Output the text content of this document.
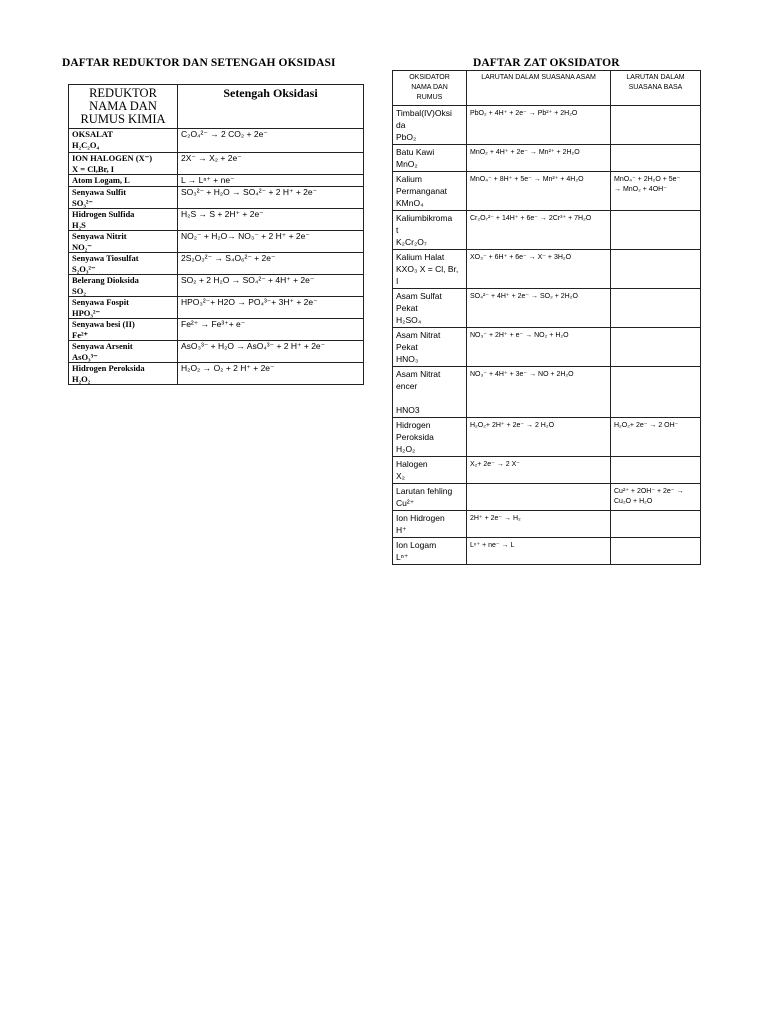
DAFTAR REDUKTOR DAN SETENGAH OKSIDASI	DAFTAR ZAT OKSIDATOR
REDUKTOR
NAMA DAN
RUMUS KIMIA	Setengah Oksidasi
OKSALAT
H₂C₂O₄	C₂O₄²⁻ → 2 CO₂ + 2e⁻
ION HALOGEN (X⁻)
X = Cl,Br, I	2X⁻ → X₂ + 2e⁻
Atom Logam, L	L → Lⁿ⁺ + ne⁻
Senyawa Sulfit
SO₃²⁻	SO₃²⁻ + H₂O → SO₄²⁻ + 2 H⁺ + 2e⁻
Hidrogen Sulfida
H₂S	H₂S → S + 2H⁺ + 2e⁻
Senyawa Nitrit
NO₂⁻	NO₂⁻ + H₂O→ NO₃⁻ + 2 H⁺ + 2e⁻
Senyawa Tiosulfat
S₂O₃²⁻	2S₂O₃²⁻ → S₄O₆²⁻ + 2e⁻
Belerang Dioksida
SO₂	SO₂ + 2 H₂O → SO₄²⁻ + 4H⁺ + 2e⁻
Senyawa Fospit
HPO₃²⁻	HPO₃²⁻+ H2O → PO₄³⁻+ 3H⁺ + 2e⁻
Senyawa besi (II)
Fe²⁺	Fe²⁺ → Fe³⁺+ e⁻
Senyawa Arsenit
AsO₃³⁻	AsO₃³⁻ + H₂O → AsO₄³⁻ + 2 H⁺ + 2e⁻
Hidrogen Peroksida
H₂O₂	H₂O₂ → O₂ + 2 H⁺ + 2e⁻
OKSIDATOR
NAMA DAN
RUMUS	LARUTAN DALAM SUASANA ASAM	LARUTAN DALAM
SUASANA BASA
Timbal(IV)Oksi
da
PbO₂	PbO₂ + 4H⁺ + 2e⁻ → Pb²⁺ + 2H₂O	
Batu Kawi
MnO₂	MnO₂ + 4H⁺ + 2e⁻ → Mn²⁺ + 2H₂O	
Kalium
Permanganat
KMnO₄	MnO₄⁻ + 8H⁺ + 5e⁻ → Mn²⁺ + 4H₂O	MnO₄⁻ + 2H₂O + 5e⁻
→ MnO₂ + 4OH⁻
Kaliumbikroma
t
K₂Cr₂O₇	Cr₂O₇²⁻ + 14H⁺ + 6e⁻ → 2Cr³⁺ + 7H₂O	
Kalium Halat
KXO₃ X = Cl, Br,
I	XO₃⁻ + 6H⁺ + 6e⁻ → X⁻ + 3H₂O	
Asam Sulfat
Pekat
H₂SO₄	SO₄²⁻ + 4H⁺ + 2e⁻ → SO₂ + 2H₂O	
Asam Nitrat
Pekat
HNO₃	NO₃⁻ + 2H⁺ + e⁻ → NO₂ + H₂O	
Asam Nitrat
encer

HNO3	NO₃⁻ + 4H⁺ + 3e⁻ → NO + 2H₂O	
Hidrogen
Peroksida
H₂O₂	H₂O₂+ 2H⁺ + 2e⁻ → 2 H₂O	H₂O₂+ 2e⁻ → 2 OH⁻
Halogen
X₂	X₂+ 2e⁻ → 2 X⁻	
Larutan fehling
Cu²⁺		Cu²⁺ + 2OH⁻ + 2e⁻ →
Cu₂O + H₂O
Ion Hidrogen
H⁺	2H⁺ + 2e⁻ → H₂	
Ion Logam
Lⁿ⁺	Lⁿ⁺ + ne⁻ → L	
